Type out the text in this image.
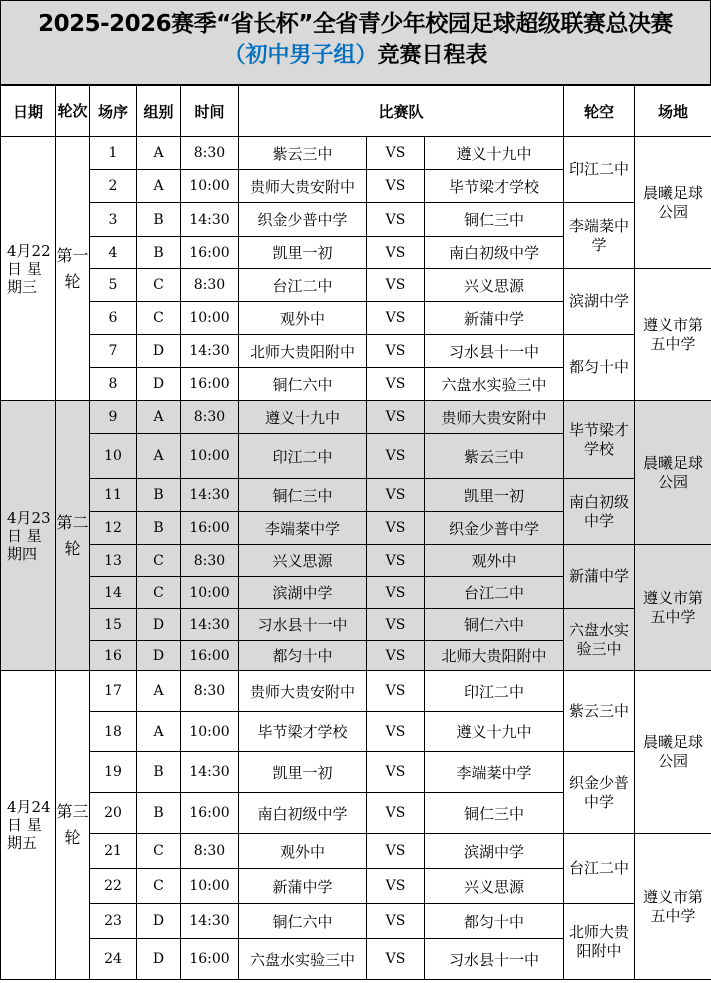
2025-2026赛季“省长杯”全省青少年校园足球超级联赛总决赛
（初中男子组）竞赛日程表
日期	轮次	场序	组别	时间	比赛队			轮空	场地
4月22日 星期三	第一轮	1	A	8:30	紫云三中	VS	遵义十九中	印江二中	晨曦足球公园
		2	A	10:00	贵师大贵安附中	VS	毕节梁才学校		
		3	B	14:30	织金少普中学	VS	铜仁三中	李端棻中学	
		4	B	16:00	凯里一初	VS	南白初级中学		
		5	C	8:30	台江二中	VS	兴义思源	滨湖中学	遵义市第五中学
		6	C	10:00	观外中	VS	新蒲中学		
		7	D	14:30	北师大贵阳附中	VS	习水县十一中	都匀十中	
		8	D	16:00	铜仁六中	VS	六盘水实验三中		
4月23日 星期四	第二轮	9	A	8:30	遵义十九中	VS	贵师大贵安附中	毕节梁才学校	晨曦足球公园
		10	A	10:00	印江二中	VS	紫云三中		
		11	B	14:30	铜仁三中	VS	凯里一初	南白初级中学	
		12	B	16:00	李端棻中学	VS	织金少普中学		
		13	C	8:30	兴义思源	VS	观外中	新蒲中学	遵义市第五中学
		14	C	10:00	滨湖中学	VS	台江二中		
		15	D	14:30	习水县十一中	VS	铜仁六中	六盘水实验三中	
		16	D	16:00	都匀十中	VS	北师大贵阳附中		
4月24日 星期五	第三轮	17	A	8:30	贵师大贵安附中	VS	印江二中	紫云三中	晨曦足球公园
		18	A	10:00	毕节梁才学校	VS	遵义十九中		
		19	B	14:30	凯里一初	VS	李端棻中学	织金少普中学	
		20	B	16:00	南白初级中学	VS	铜仁三中		
		21	C	8:30	观外中	VS	滨湖中学	台江二中	遵义市第五中学
		22	C	10:00	新蒲中学	VS	兴义思源		
		23	D	14:30	铜仁六中	VS	都匀十中	北师大贵阳附中	
		24	D	16:00	六盘水实验三中	VS	习水县十一中		
